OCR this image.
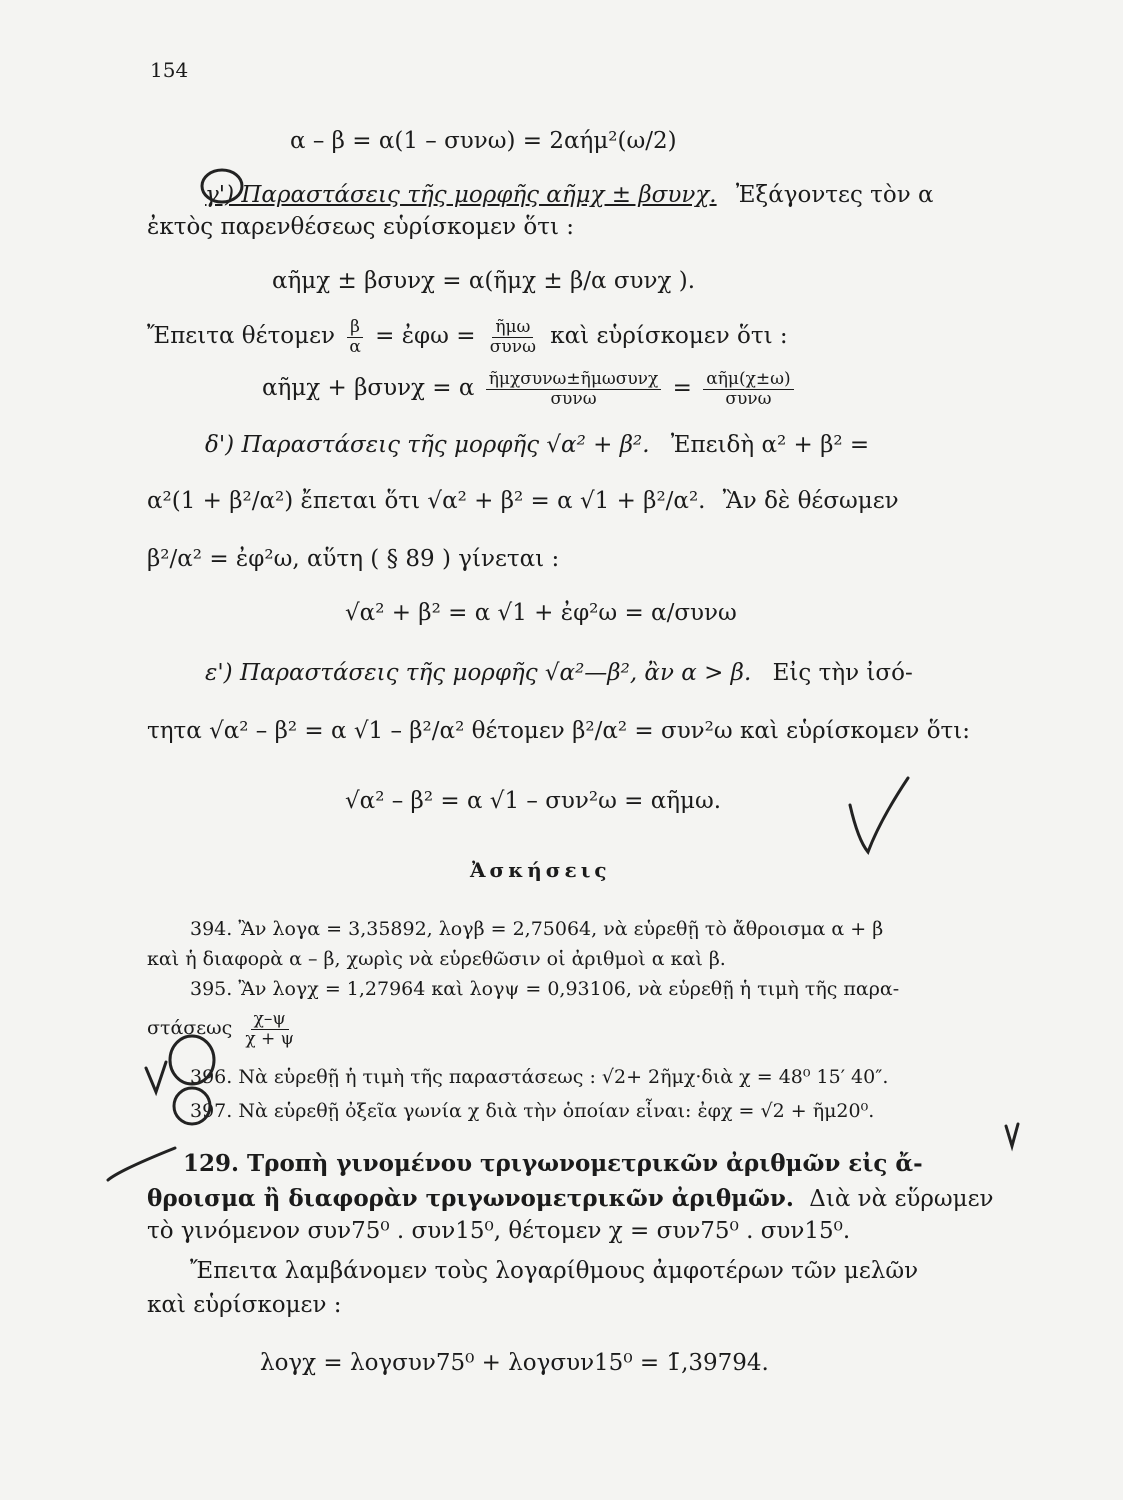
154
α – β = α(1 – συνω) = 2αήμ²(ω/2)
γ') Παραστάσεις τῆς μορφῆς αῆμχ ± βσυνχ. Ἐξάγοντες τὸν α
ἐκτὸς παρενθέσεως εὑρίσκομεν ὅτι :
αῆμχ ± βσυνχ = α(ῆμχ ± β/α συνχ ).
Ἔπειτα θέτομεν $\frac{\beta}{\alpha}$ = ἐφω = $\frac{\text{ῆμω}}{\text{συνω}}$ καὶ εὑρίσκομεν ὅτι :
αῆμχ + βσυνχ = α $\frac{\text{ῆμχσυνω±ῆμωσυνχ}}{\text{συνω}} = \frac{\text{αῆμ(χ±ω)}}{\text{συνω}}$
δ') Παραστάσεις τῆς μορφῆς √α² + β². Ἐπειδὴ α² + β² =
α²(1 + β²/α²) ἔπεται ὅτι √α² + β² = α √1 + β²/α². Ἂν δὲ θέσωμεν
β²/α² = ἐφ²ω, αὕτη ( § 89 ) γίνεται :
√α² + β² = α √1 + ἐφ²ω = α/συνω
ε') Παραστάσεις τῆς μορφῆς √α²—β², ἂν α > β. Εἰς τὴν ἰσό-
τητα √α² – β² = α √1 – β²/α² θέτομεν β²/α² = συν²ω καὶ εὑρίσκομεν ὅτι:
√α² – β² = α √1 – συν²ω = αῆμω.
Ἀσκήσεις
394. Ἂν λογα = 3,35892, λογβ = 2,75064, νὰ εὑρεθῇ τὸ ἄθροισμα α + β
καὶ ἡ διαφορὰ α – β, χωρὶς νὰ εὑρεθῶσιν οἱ ἀριθμοὶ α καὶ β.
395. Ἂν λογχ = 1,27964 καὶ λογψ = 0,93106, νὰ εὑρεθῇ ἡ τιμὴ τῆς παρα-
στάσεως $\frac{\chi-\psi}{\chi + \psi}$
396. Νὰ εὑρεθῇ ἡ τιμὴ τῆς παραστάσεως : √2+ 2ῆμχ·διὰ χ = 48⁰ 15′ 40″.
397. Νὰ εὑρεθῇ ὀξεῖα γωνία χ διὰ τὴν ὁποίαν εἶναι: ἐφχ = √2 + ῆμ20⁰.
129. Τροπὴ γινομένου τριγωνομετρικῶν ἀριθμῶν εἰς ἄ-
θροισμα ἢ διαφορὰν τριγωνομετρικῶν ἀριθμῶν. Διὰ νὰ εὕρωμεν
τὸ γινόμενον συν75⁰ . συν15⁰, θέτομεν χ = συν75⁰ . συν15⁰.
Ἔπειτα λαμβάνομεν τοὺς λογαρίθμους ἀμφοτέρων τῶν μελῶν
καὶ εὑρίσκομεν :
λογχ = λογσυν75⁰ + λογσυν15⁰ = 1̄,39794.
